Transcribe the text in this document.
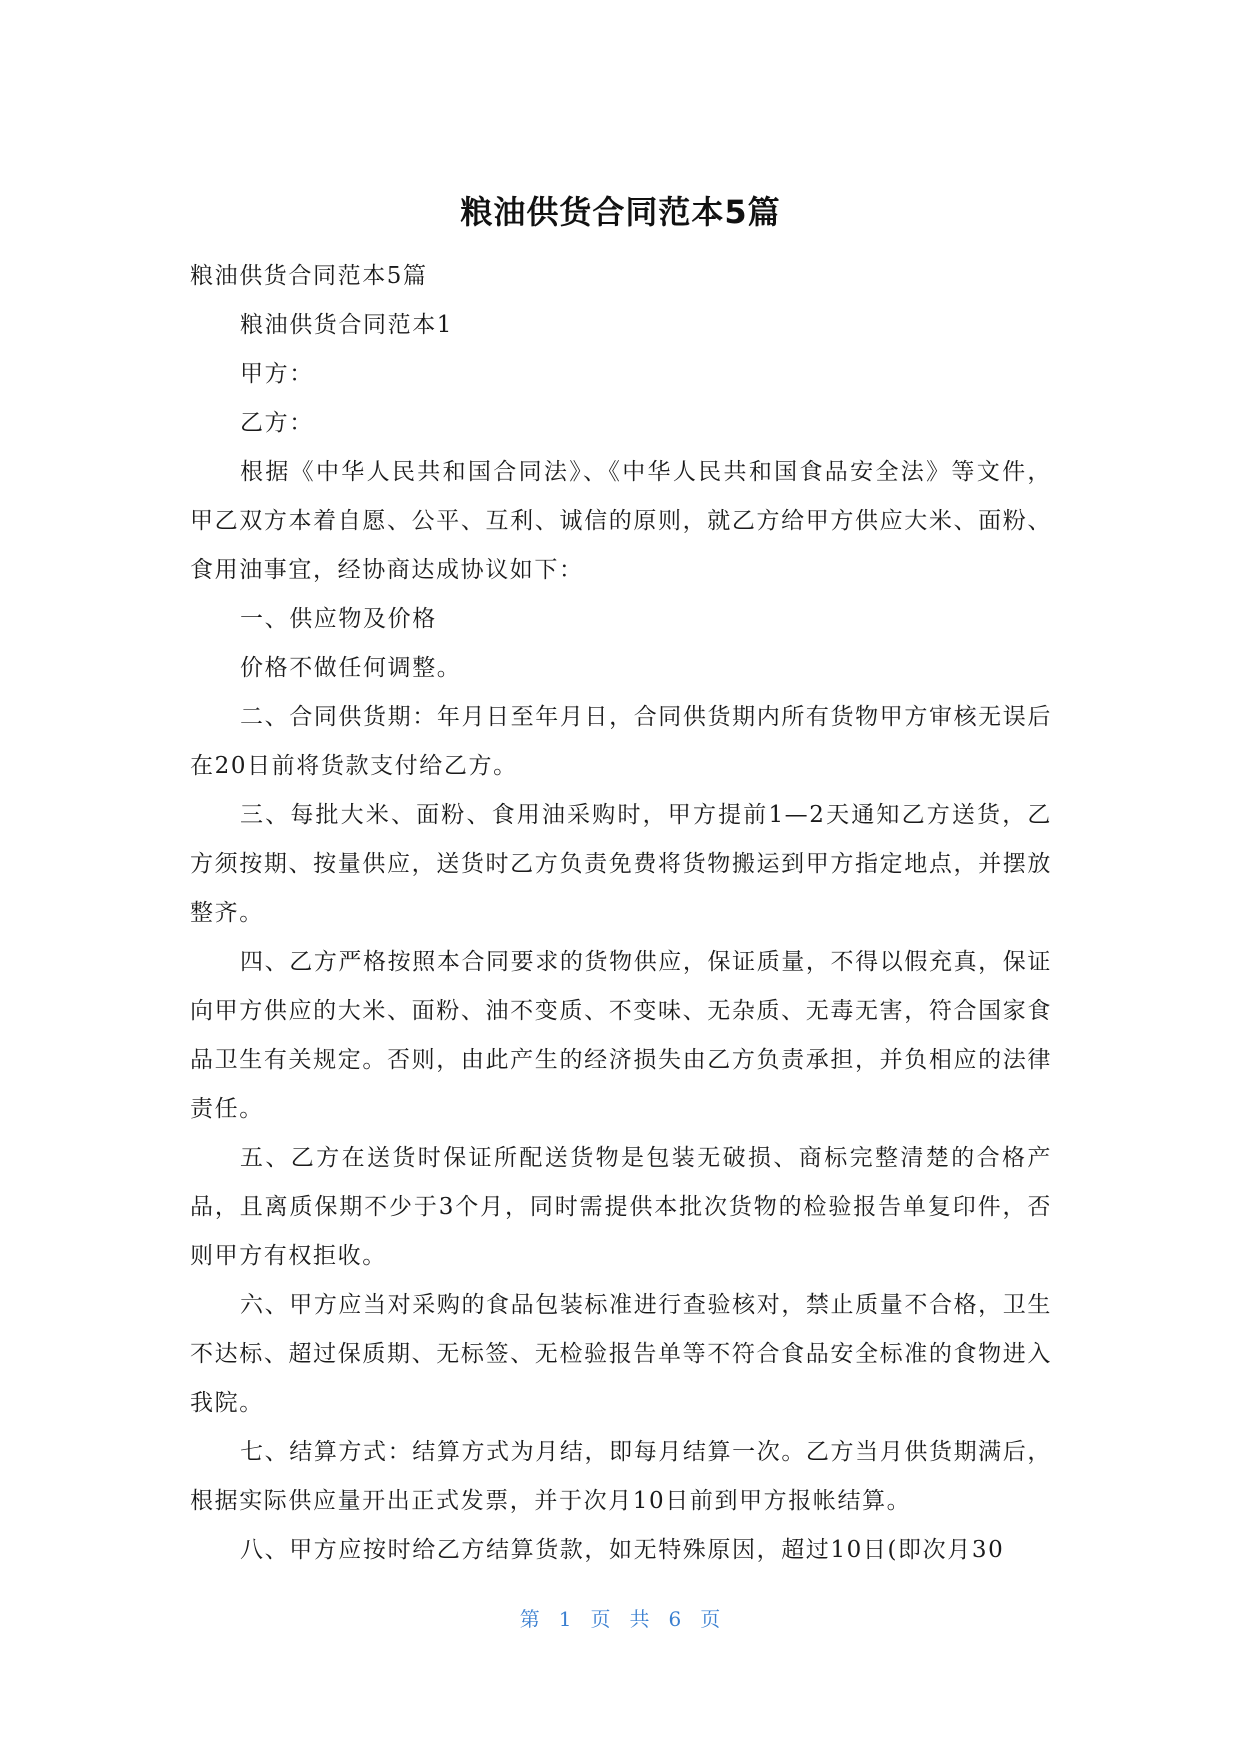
粮油供货合同范本5篇

粮油供货合同范本5篇

粮油供货合同范本1

甲方：

乙方：

根据《中华人民共和国合同法》、《中华人民共和国食品安全法》等文件，甲乙双方本着自愿、公平、互利、诚信的原则，就乙方给甲方供应大米、面粉、食用油事宜，经协商达成协议如下：

一、供应物及价格

价格不做任何调整。

二、合同供货期：年月日至年月日，合同供货期内所有货物甲方审核无误后在20日前将货款支付给乙方。

三、每批大米、面粉、食用油采购时，甲方提前1—2天通知乙方送货，乙方须按期、按量供应，送货时乙方负责免费将货物搬运到甲方指定地点，并摆放整齐。

四、乙方严格按照本合同要求的货物供应，保证质量，不得以假充真，保证向甲方供应的大米、面粉、油不变质、不变味、无杂质、无毒无害，符合国家食品卫生有关规定。否则，由此产生的经济损失由乙方负责承担，并负相应的法律责任。

五、乙方在送货时保证所配送货物是包装无破损、商标完整清楚的合格产品，且离质保期不少于3个月，同时需提供本批次货物的检验报告单复印件，否则甲方有权拒收。

六、甲方应当对采购的食品包装标准进行查验核对，禁止质量不合格，卫生不达标、超过保质期、无标签、无检验报告单等不符合食品安全标准的食物进入我院。

七、结算方式：结算方式为月结，即每月结算一次。乙方当月供货期满后，根据实际供应量开出正式发票，并于次月10日前到甲方报帐结算。

八、甲方应按时给乙方结算货款，如无特殊原因，超过10日(即次月30

第 1 页 共 6 页
